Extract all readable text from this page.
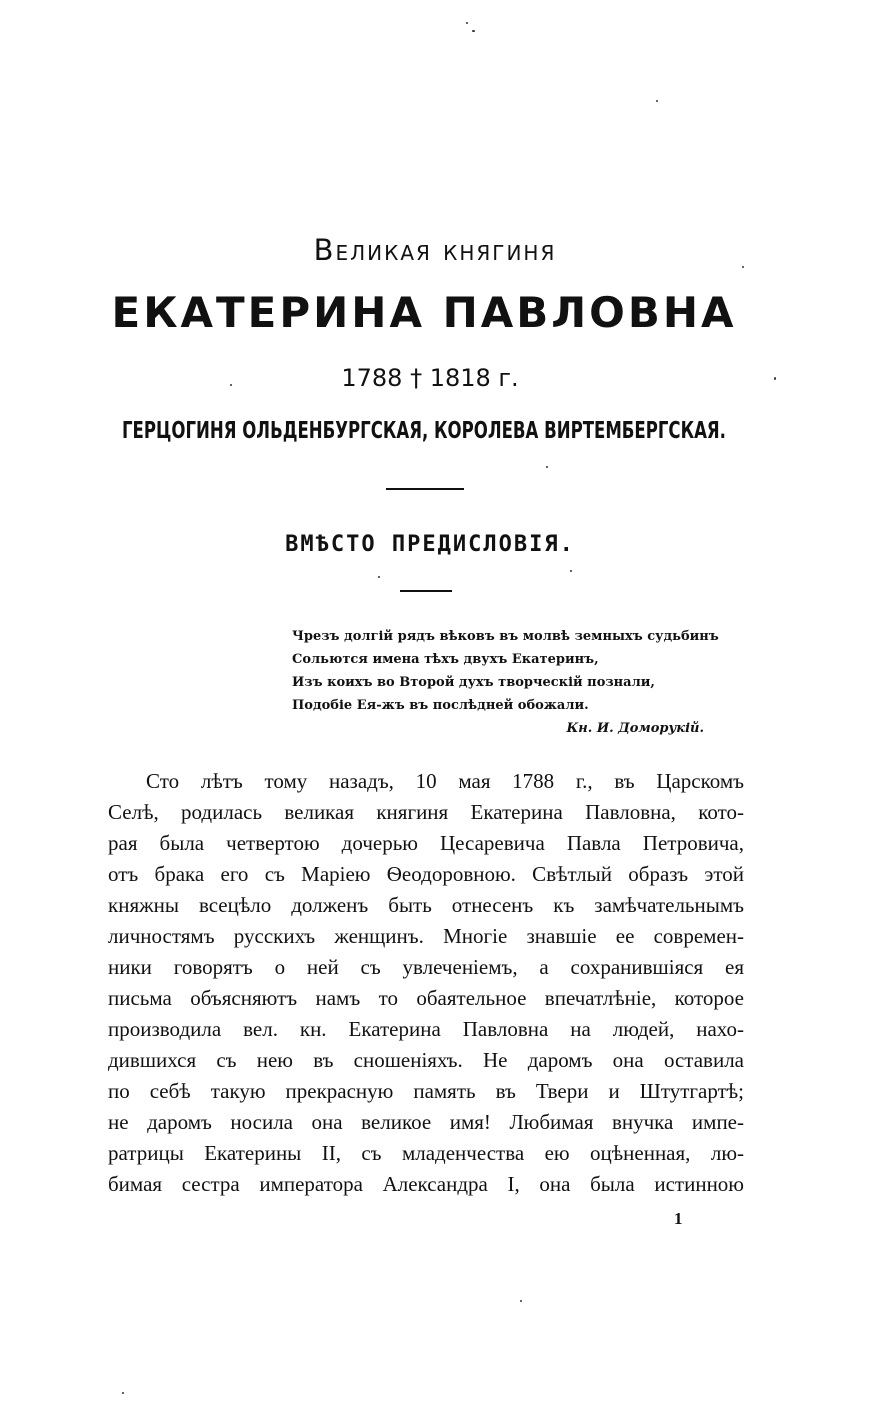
Великая княгиня
ЕКАТЕРИНА ПАВЛОВНА
1788 † 1818 г.
ГЕРЦОГИНЯ ОЛЬДЕНБУРГСКАЯ, КОРОЛЕВА ВИРТЕМБЕРГСКАЯ.
ВМѢСТО ПРЕДИСЛОВІЯ.
Чрезъ долгій рядъ вѣковъ въ молвѣ земныхъ судьбинъ
Сольются имена тѣхъ двухъ Екатеринъ,
Изъ коихъ во Второй духъ творческій познали,
Подобіе Ея-жъ въ послѣдней обожали.
Кн. И. Доморукій.
Сто лѣтъ тому назадъ, 10 мая 1788 г., въ Царскомъ
Селѣ, родилась великая княгиня Екатерина Павловна, кото-
рая была четвертою дочерью Цесаревича Павла Петровича,
отъ брака его съ Маріею Ѳеодоровною. Свѣтлый образъ этой
княжны всецѣло долженъ быть отнесенъ къ замѣчательнымъ
личностямъ русскихъ женщинъ. Многіе знавшіе ее современ-
ники говорятъ о ней съ увлеченіемъ, а сохранившіяся ея
письма объясняютъ намъ то обаятельное впечатлѣніе, которое
производила вел. кн. Екатерина Павловна на людей, нахо-
дившихся съ нею въ сношеніяхъ. Не даромъ она оставила
по себѣ такую прекрасную память въ Твери и Штутгартѣ;
не даромъ носила она великое имя! Любимая внучка импе-
ратрицы Екатерины II, съ младенчества ею оцѣненная, лю-
бимая сестра императора Александра I, она была истинною
1
